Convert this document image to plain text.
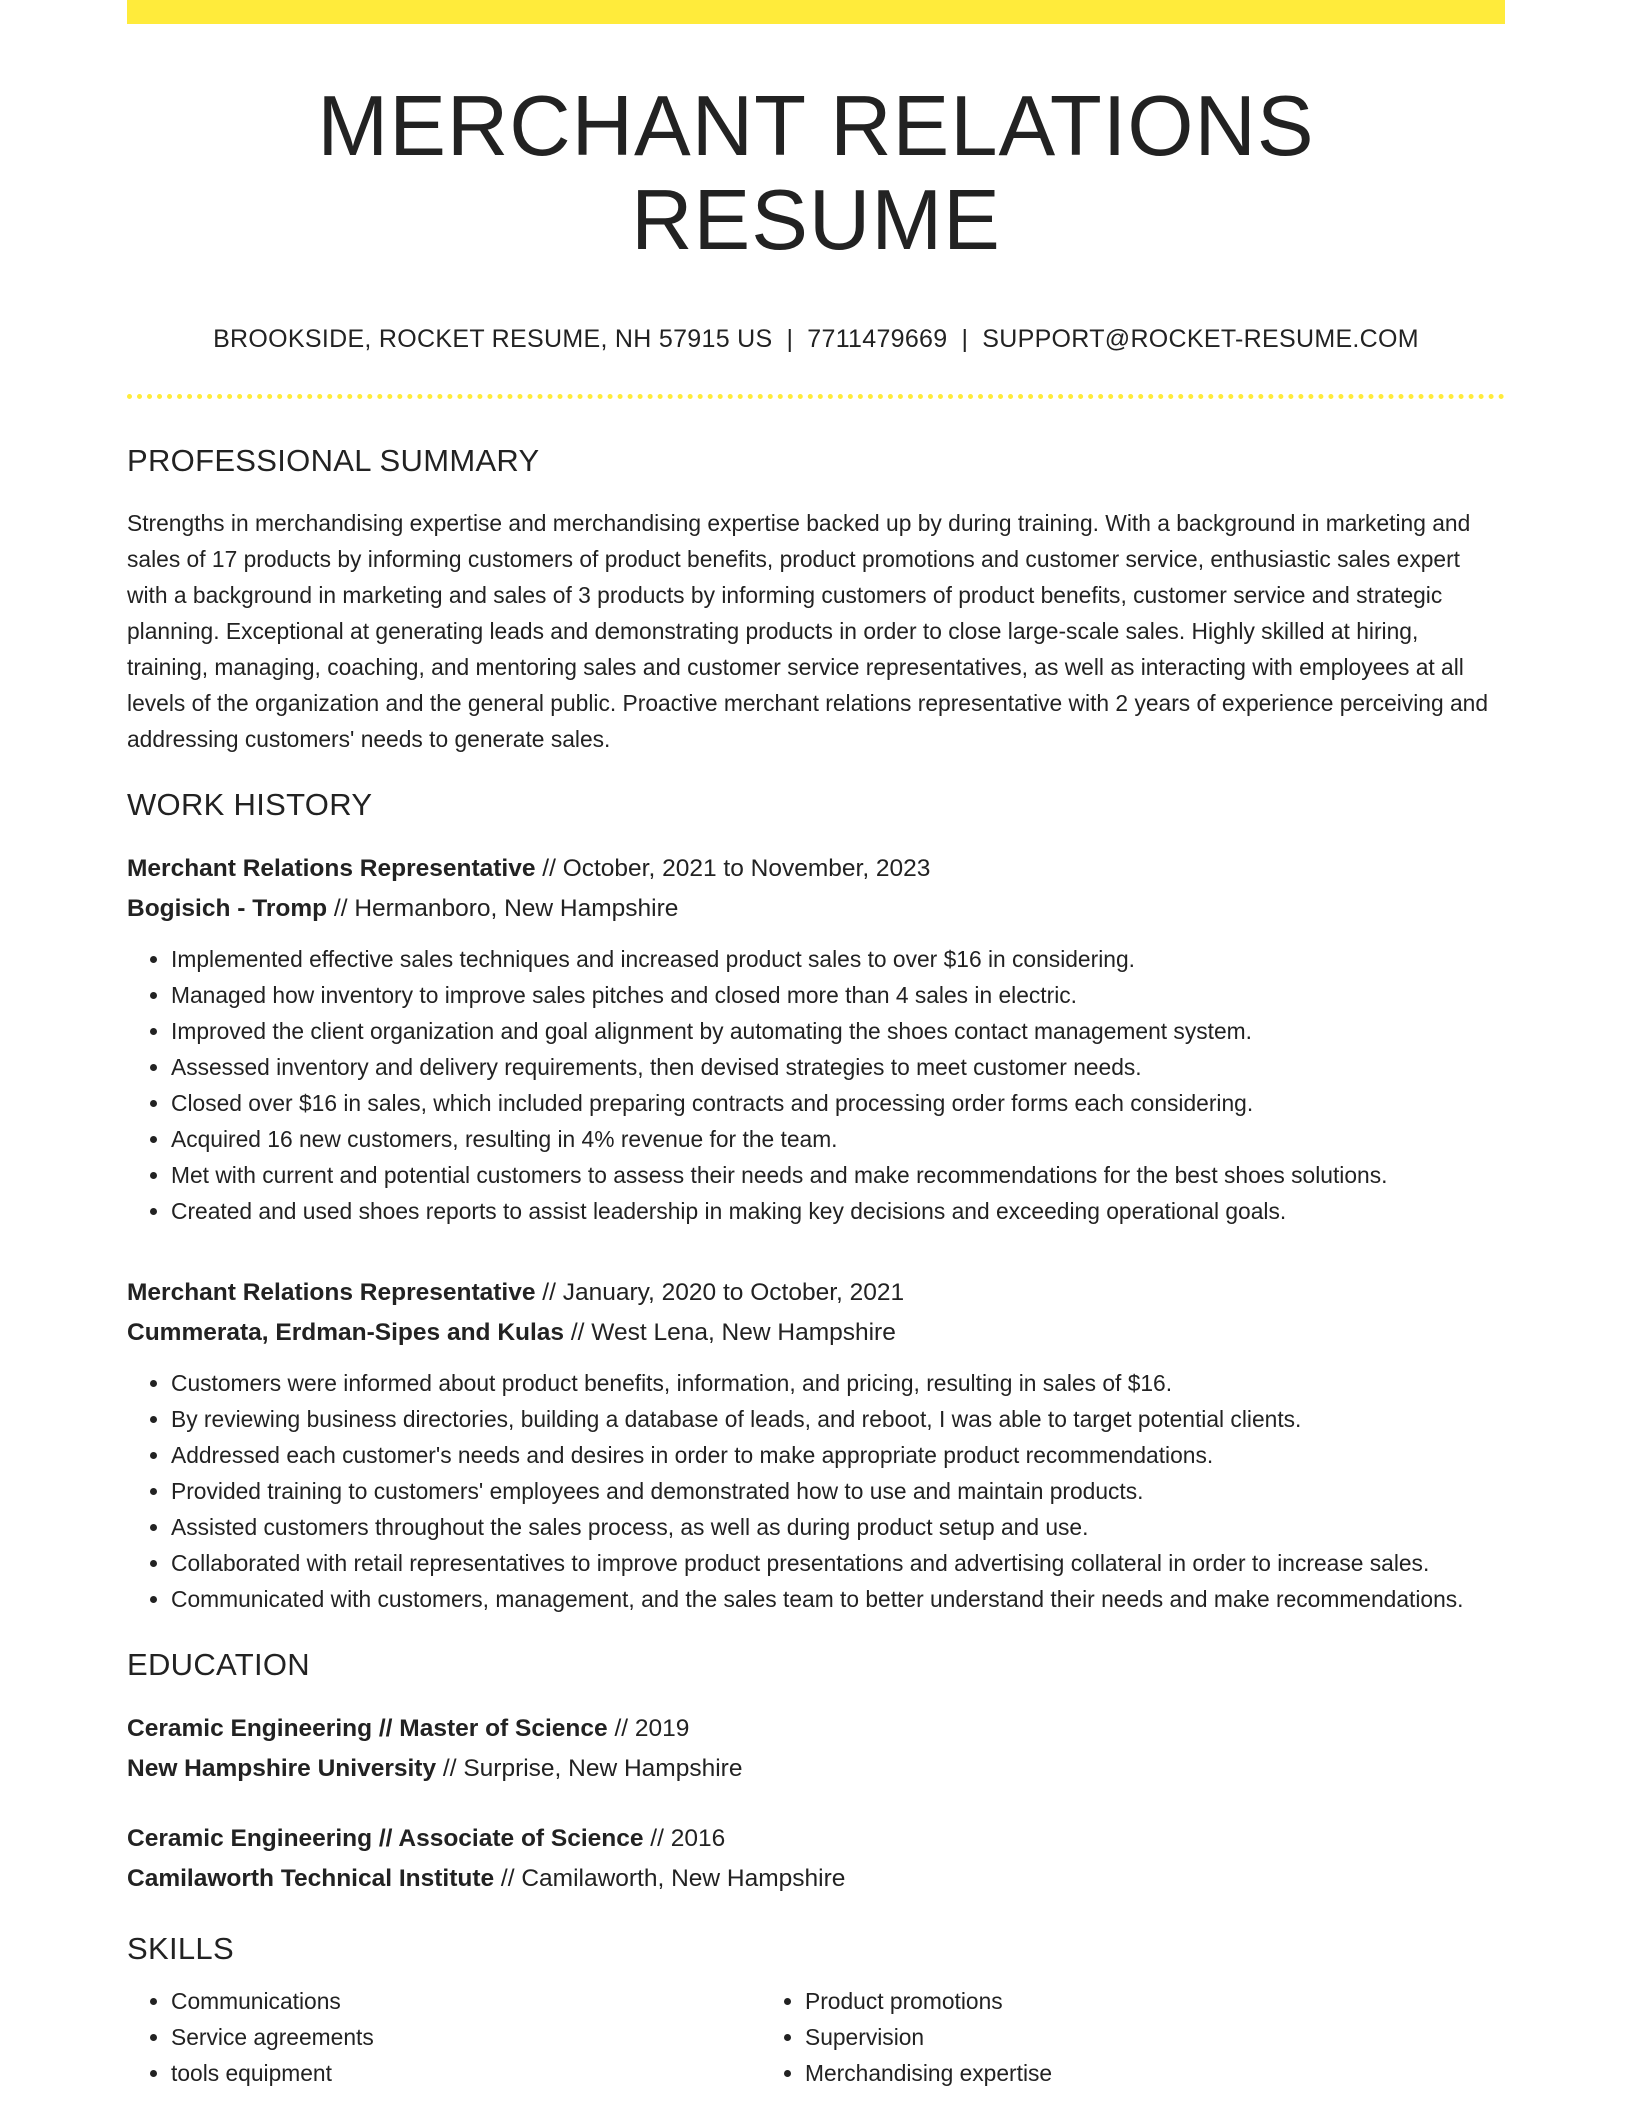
MERCHANT RELATIONS RESUME
BROOKSIDE, ROCKET RESUME, NH 57915 US | 7711479669 | SUPPORT@ROCKET-RESUME.COM
PROFESSIONAL SUMMARY

Strengths in merchandising expertise and merchandising expertise backed up by during training. With a background in marketing and sales of 17 products by informing customers of product benefits, product promotions and customer service, enthusiastic sales expert with a background in marketing and sales of 3 products by informing customers of product benefits, customer service and strategic planning. Exceptional at generating leads and demonstrating products in order to close large-scale sales. Highly skilled at hiring, training, managing, coaching, and mentoring sales and customer service representatives, as well as interacting with employees at all levels of the organization and the general public. Proactive merchant relations representative with 2 years of experience perceiving and addressing customers' needs to generate sales.

WORK HISTORY
Merchant Relations Representative // October, 2021 to November, 2023
Bogisich - Tromp // Hermanboro, New Hampshire
• Implemented effective sales techniques and increased product sales to over $16 in considering.
• Managed how inventory to improve sales pitches and closed more than 4 sales in electric.
• Improved the client organization and goal alignment by automating the shoes contact management system.
• Assessed inventory and delivery requirements, then devised strategies to meet customer needs.
• Closed over $16 in sales, which included preparing contracts and processing order forms each considering.
• Acquired 16 new customers, resulting in 4% revenue for the team.
• Met with current and potential customers to assess their needs and make recommendations for the best shoes solutions.
• Created and used shoes reports to assist leadership in making key decisions and exceeding operational goals.
Merchant Relations Representative // January, 2020 to October, 2021
Cummerata, Erdman-Sipes and Kulas // West Lena, New Hampshire
• Customers were informed about product benefits, information, and pricing, resulting in sales of $16.
• By reviewing business directories, building a database of leads, and reboot, I was able to target potential clients.
• Addressed each customer's needs and desires in order to make appropriate product recommendations.
• Provided training to customers' employees and demonstrated how to use and maintain products.
• Assisted customers throughout the sales process, as well as during product setup and use.
• Collaborated with retail representatives to improve product presentations and advertising collateral in order to increase sales.
• Communicated with customers, management, and the sales team to better understand their needs and make recommendations.
EDUCATION
Ceramic Engineering // Master of Science // 2019
New Hampshire University // Surprise, New Hampshire
Ceramic Engineering // Associate of Science // 2016
Camilaworth Technical Institute // Camilaworth, New Hampshire
SKILLS
• Communications
• Service agreements
• tools equipment
• Product promotions
• Supervision
• Merchandising expertise
